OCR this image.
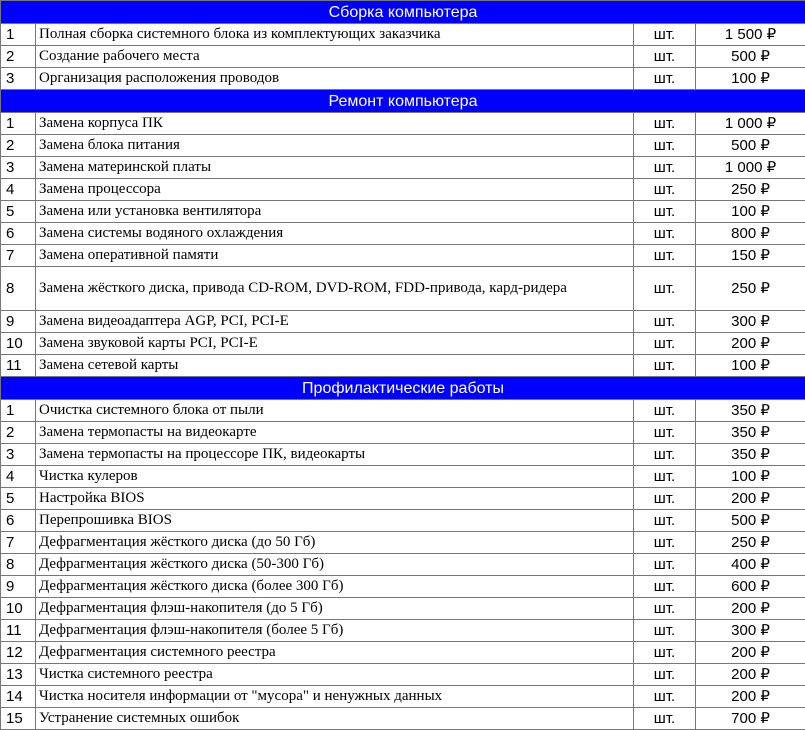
Сборка компьютера			
1	Полная сборка системного блока из комплектующих заказчика	шт.	1 500 ₽
2	Создание рабочего места	шт.	500 ₽
3	Организация расположения проводов	шт.	100 ₽
Ремонт компьютера			
1	Замена корпуса ПК	шт.	1 000 ₽
2	Замена блока питания	шт.	500 ₽
3	Замена материнской платы	шт.	1 000 ₽
4	Замена процессора	шт.	250 ₽
5	Замена или установка вентилятора	шт.	100 ₽
6	Замена системы водяного охлаждения	шт.	800 ₽
7	Замена оперативной памяти	шт.	150 ₽
8	Замена жёсткого диска, привода CD-ROM, DVD-ROM, FDD-привода, кард-ридера	шт.	250 ₽
9	Замена видеоадаптера AGP, PCI, PCI-E	шт.	300 ₽
10	Замена звуковой карты PCI, PCI-E	шт.	200 ₽
11	Замена сетевой карты	шт.	100 ₽
Профилактические работы			
1	Очистка системного блока от пыли	шт.	350 ₽
2	Замена термопасты на видеокарте	шт.	350 ₽
3	Замена термопасты на процессоре ПК, видеокарты	шт.	350 ₽
4	Чистка кулеров	шт.	100 ₽
5	Настройка BIOS	шт.	200 ₽
6	Перепрошивка BIOS	шт.	500 ₽
7	Дефрагментация жёсткого диска (до 50 Гб)	шт.	250 ₽
8	Дефрагментация жёсткого диска (50-300 Гб)	шт.	400 ₽
9	Дефрагментация жёсткого диска (более 300 Гб)	шт.	600 ₽
10	Дефрагментация флэш-накопителя (до 5 Гб)	шт.	200 ₽
11	Дефрагментация флэш-накопителя (более 5 Гб)	шт.	300 ₽
12	Дефрагментация системного реестра	шт.	200 ₽
13	Чистка системного реестра	шт.	200 ₽
14	Чистка носителя информации от "мусора" и ненужных данных	шт.	200 ₽
15	Устранение системных ошибок	шт.	700 ₽
